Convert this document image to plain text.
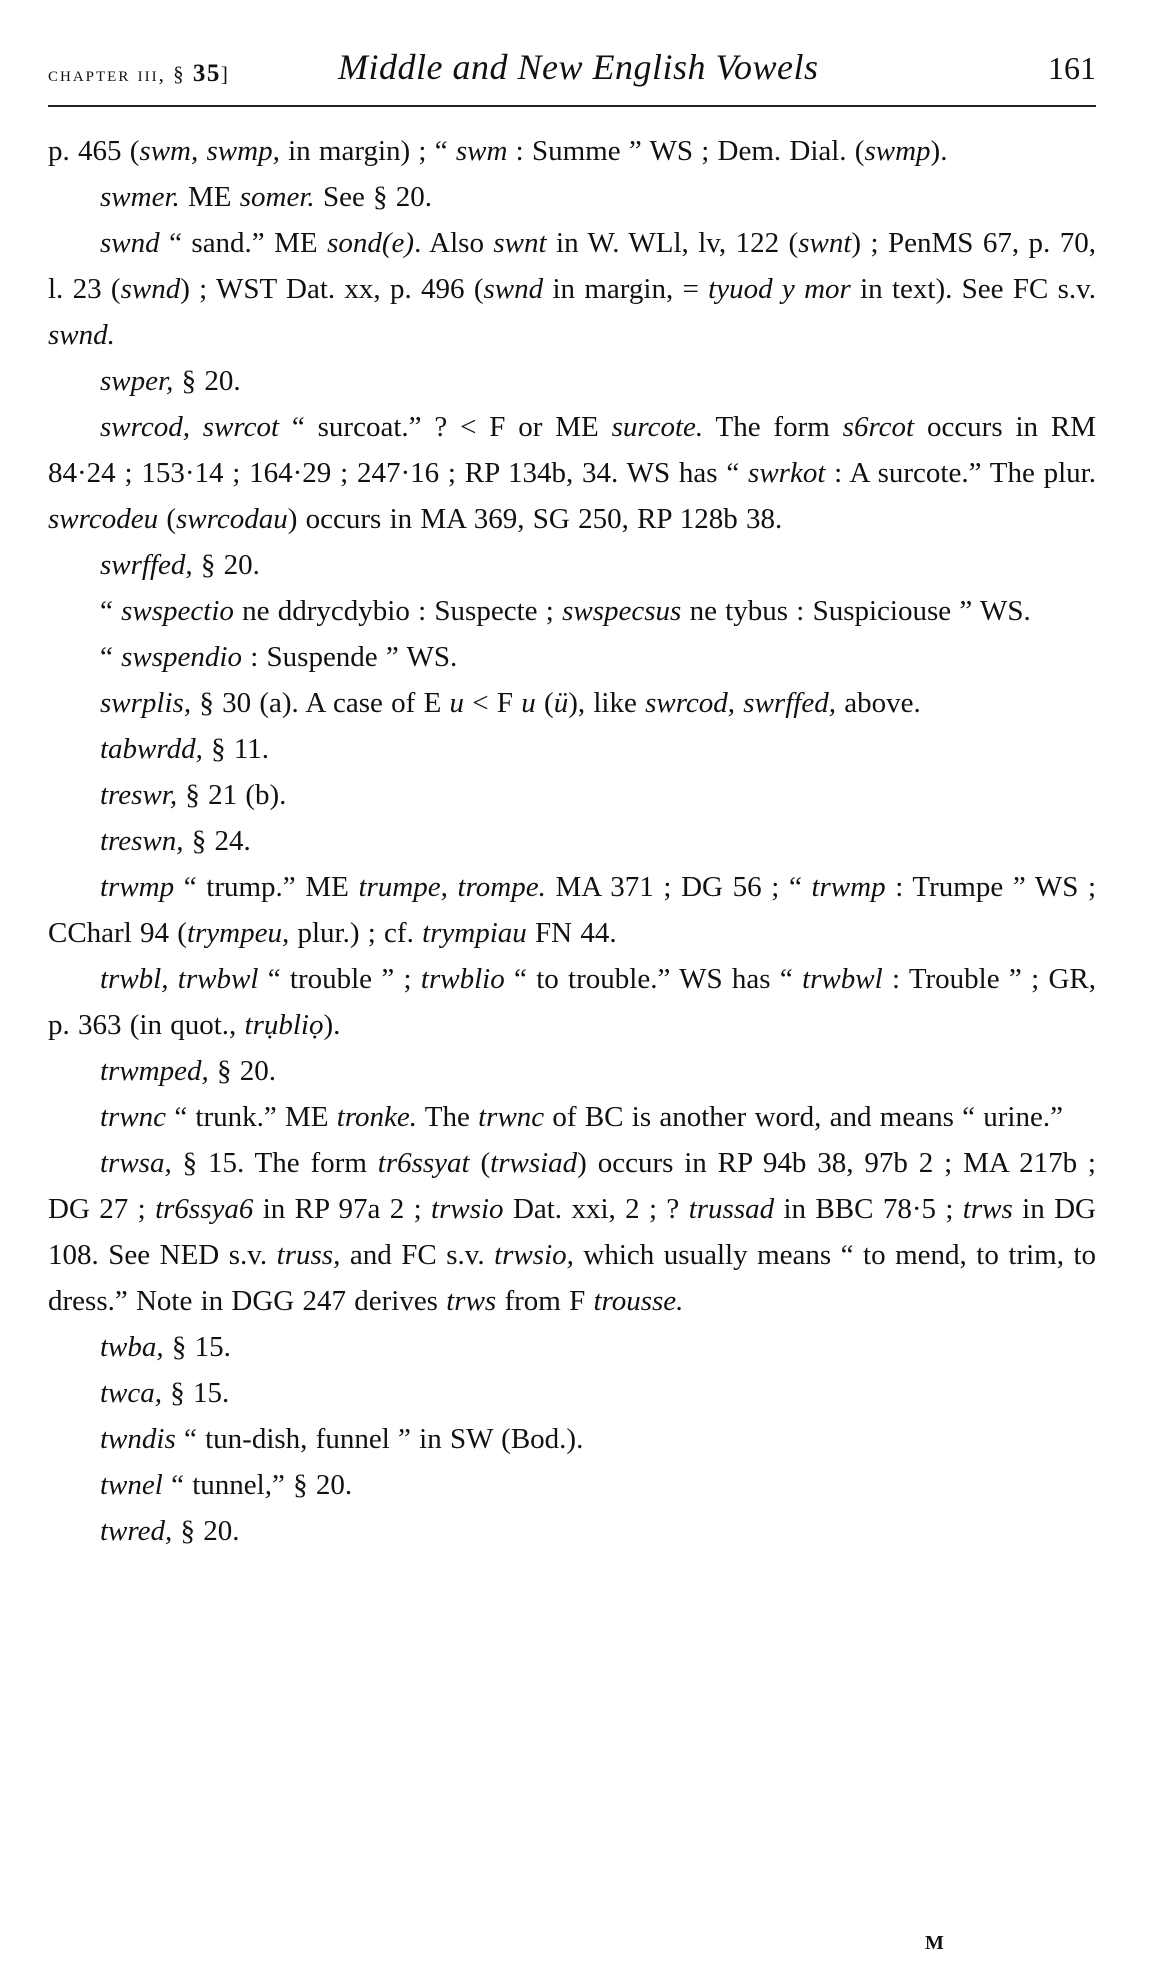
chapter iii, § 35]	Middle and New English Vowels	161

p. 465 (swm, swmp, in margin) ; “ swm : Summe ” WS ; Dem. Dial. (swmp).

swmer. ME somer. See § 20.

swnd “ sand.” ME sond(e). Also swnt in W. WLl, lv, 122 (swnt) ; PenMS 67, p. 70, l. 23 (swnd) ; WST Dat. xx, p. 496 (swnd in margin, = tyuod y mor in text). See FC s.v. swnd.

swper, § 20.

swrcod, swrcot “ surcoat.” ? < F or ME surcote. The form s6rcot occurs in RM 84·24 ; 153·14 ; 164·29 ; 247·16 ; RP 134b, 34. WS has “ swrkot : A surcote.” The plur. swrcodeu (swrcodau) occurs in MA 369, SG 250, RP 128b 38.

swrffed, § 20.

“ swspectio ne ddrycdybio : Suspecte ; swspecsus ne tybus : Suspiciouse ” WS.

“ swspendio : Suspende ” WS.

swrplis, § 30 (a). A case of E u < F u (ü), like swrcod, swrffed, above.

tabwrdd, § 11.

treswr, § 21 (b).

treswn, § 24.

trwmp “ trump.” ME trumpe, trompe. MA 371 ; DG 56 ; “ trwmp : Trumpe ” WS ; CCharl 94 (trympeu, plur.) ; cf. trympiau FN 44.

trwbl, trwbwl “ trouble ” ; trwblio “ to trouble.” WS has “ trwbwl : Trouble ” ; GR, p. 363 (in quot., trụbliọ).

trwmped, § 20.

trwnc “ trunk.” ME tronke. The trwnc of BC is another word, and means “ urine.”

trwsa, § 15. The form tr6ssyat (trwsiad) occurs in RP 94b 38, 97b 2 ; MA 217b ; DG 27 ; tr6ssya6 in RP 97a 2 ; trwsio Dat. xxi, 2 ; ? trussad in BBC 78·5 ; trws in DG 108. See NED s.v. truss, and FC s.v. trwsio, which usually means “ to mend, to trim, to dress.” Note in DGG 247 derives trws from F trousse.

twba, § 15.

twca, § 15.

twndis “ tun-dish, funnel ” in SW (Bod.).

twnel “ tunnel,” § 20.

twred, § 20.

M
